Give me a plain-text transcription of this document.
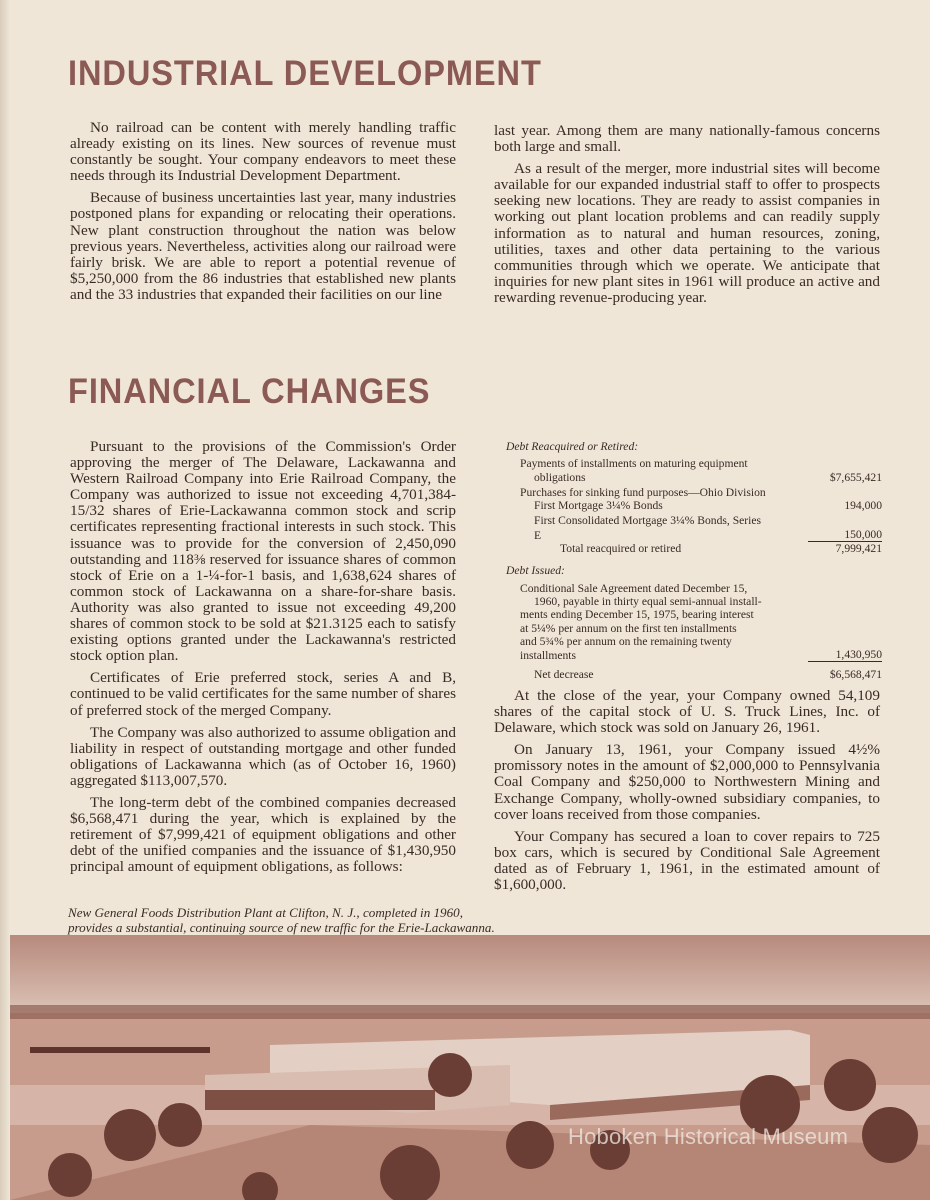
INDUSTRIAL DEVELOPMENT

No railroad can be content with merely handling traffic already existing on its lines. New sources of revenue must constantly be sought. Your company endeavors to meet these needs through its Industrial Development Department.

Because of business uncertainties last year, many industries postponed plans for expanding or relocating their operations. New plant construction throughout the nation was below previous years. Nevertheless, activities along our railroad were fairly brisk. We are able to report a potential revenue of $5,250,000 from the 86 industries that established new plants and the 33 industries that expanded their facilities on our line

last year. Among them are many nationally-famous concerns both large and small.

As a result of the merger, more industrial sites will become available for our expanded industrial staff to offer to prospects seeking new locations. They are ready to assist companies in working out plant location problems and can readily supply information as to natural and human resources, zoning, utilities, taxes and other data pertaining to the various communities through which we operate. We anticipate that inquiries for new plant sites in 1961 will produce an active and rewarding revenue-producing year.

FINANCIAL CHANGES

Pursuant to the provisions of the Commission's Order approving the merger of The Delaware, Lackawanna and Western Railroad Company into Erie Railroad Company, the Company was authorized to issue not exceeding 4,701,384-15/32 shares of Erie-Lackawanna common stock and scrip certificates representing fractional interests in such stock. This issuance was to provide for the conversion of 2,450,090 outstanding and 118⅜ reserved for issuance shares of common stock of Erie on a 1-¼-for-1 basis, and 1,638,624 shares of common stock of Lackawanna on a share-for-share basis. Authority was also granted to issue not exceeding 49,200 shares of common stock to be sold at $21.3125 each to satisfy existing options granted under the Lackawanna's restricted stock option plan.

Certificates of Erie preferred stock, series A and B, continued to be valid certificates for the same number of shares of preferred stock of the merged Company.

The Company was also authorized to assume obligation and liability in respect of outstanding mortgage and other funded obligations of Lackawanna which (as of October 16, 1960) aggregated $113,007,570.

The long-term debt of the combined companies decreased $6,568,471 during the year, which is explained by the retirement of $7,999,421 of equipment obligations and other debt of the unified companies and the issuance of $1,430,950 principal amount of equipment obligations, as follows:

Debt Reacquired or Retired:
Payments of installments on maturing equipment
obligations	$7,655,421
Purchases for sinking fund purposes—Ohio Division
First Mortgage 3¼% Bonds	194,000
First Consolidated Mortgage 3¼% Bonds, Series
E	150,000
Total reacquired or retired	7,999,421
Debt Issued:
Conditional Sale Agreement dated December 15,
1960, payable in thirty equal semi-annual install-
ments ending December 15, 1975, bearing interest
at 5¼% per annum on the first ten installments
and 5¾% per annum on the remaining twenty
installments	1,430,950
Net decrease	$6,568,471

At the close of the year, your Company owned 54,109 shares of the capital stock of U. S. Truck Lines, Inc. of Delaware, which stock was sold on January 26, 1961.

On January 13, 1961, your Company issued 4½% promissory notes in the amount of $2,000,000 to Pennsylvania Coal Company and $250,000 to Northwestern Mining and Exchange Company, wholly-owned subsidiary companies, to cover loans received from those companies.

Your Company has secured a loan to cover repairs to 725 box cars, which is secured by Conditional Sale Agreement dated as of February 1, 1961, in the estimated amount of $1,600,000.

New General Foods Distribution Plant at Clifton, N. J., completed in 1960,
provides a substantial, continuing source of new traffic for the Erie-Lackawanna.
Hoboken Historical Museum
